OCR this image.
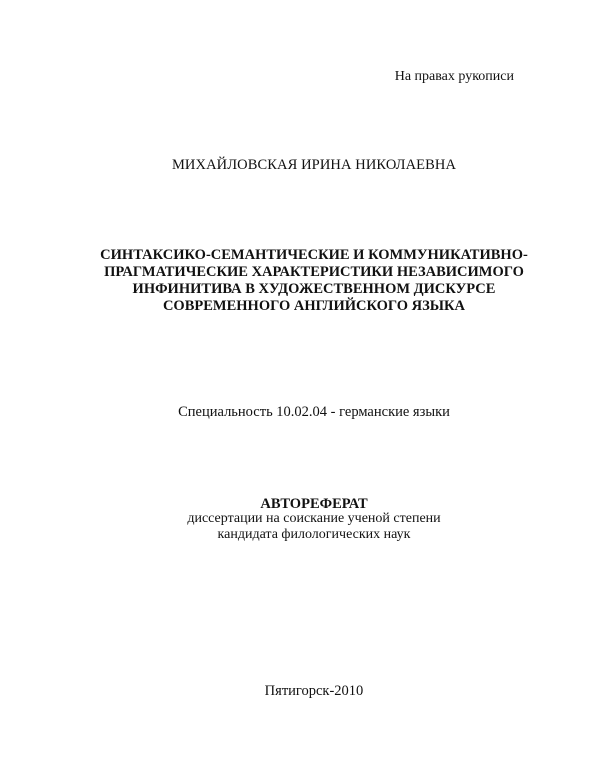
На правах рукописи
МИХАЙЛОВСКАЯ ИРИНА НИКОЛАЕВНА
СИНТАКСИКО-СЕМАНТИЧЕСКИЕ И КОММУНИКАТИВНО-
ПРАГМАТИЧЕСКИЕ ХАРАКТЕРИСТИКИ НЕЗАВИСИМОГО
ИНФИНИТИВА В ХУДОЖЕСТВЕННОМ ДИСКУРСЕ
СОВРЕМЕННОГО АНГЛИЙСКОГО ЯЗЫКА
Специальность 10.02.04 - германские языки
АВТОРЕФЕРАТ
диссертации на соискание ученой степени
кандидата филологических наук
Пятигорск-2010
